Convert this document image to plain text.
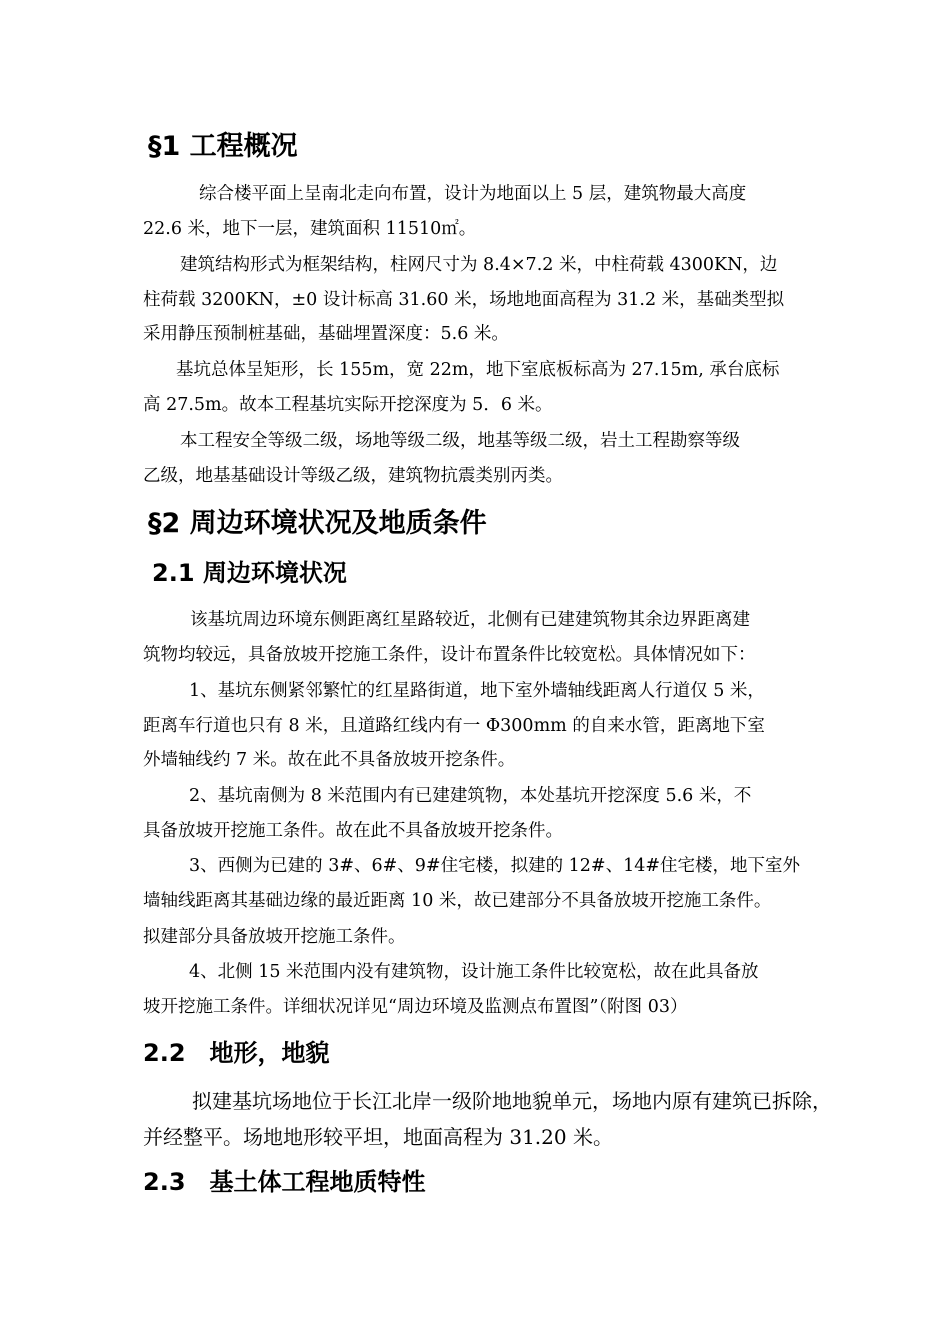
§1 工程概况
综合楼平面上呈南北走向布置，设计为地面以上 5 层，建筑物最大高度
22.6 米，地下一层，建筑面积 11510㎡。
建筑结构形式为框架结构，柱网尺寸为 8.4×7.2 米，中柱荷载 4300KN，边
柱荷载 3200KN，±0 设计标高 31.60 米，场地地面高程为 31.2 米，基础类型拟
采用静压预制桩基础，基础埋置深度：5.6 米。
基坑总体呈矩形，长 155m，宽 22m，地下室底板标高为 27.15m, 承台底标
高 27.5m。故本工程基坑实际开挖深度为 5．6 米。
本工程安全等级二级，场地等级二级，地基等级二级，岩土工程勘察等级
乙级，地基基础设计等级乙级，建筑物抗震类别丙类。
§2 周边环境状况及地质条件
2.1 周边环境状况
该基坑周边环境东侧距离红星路较近，北侧有已建建筑物其余边界距离建
筑物均较远，具备放坡开挖施工条件，设计布置条件比较宽松。具体情况如下：
1、基坑东侧紧邻繁忙的红星路街道，地下室外墙轴线距离人行道仅 5 米，
距离车行道也只有 8 米，且道路红线内有一 Φ300mm 的自来水管，距离地下室
外墙轴线约 7 米。故在此不具备放坡开挖条件。
2、基坑南侧为 8 米范围内有已建建筑物，本处基坑开挖深度 5.6 米，不
具备放坡开挖施工条件。故在此不具备放坡开挖条件。
3、西侧为已建的 3#、6#、9#住宅楼，拟建的 12#、14#住宅楼，地下室外
墙轴线距离其基础边缘的最近距离 10 米，故已建部分不具备放坡开挖施工条件。
拟建部分具备放坡开挖施工条件。
4、北侧 15 米范围内没有建筑物，设计施工条件比较宽松，故在此具备放
坡开挖施工条件。详细状况详见“周边环境及监测点布置图”（附图 03）
2.2　地形，地貌
拟建基坑场地位于长江北岸一级阶地地貌单元，场地内原有建筑已拆除，
并经整平。场地地形较平坦，地面高程为 31.20 米。
2.3　基土体工程地质特性
